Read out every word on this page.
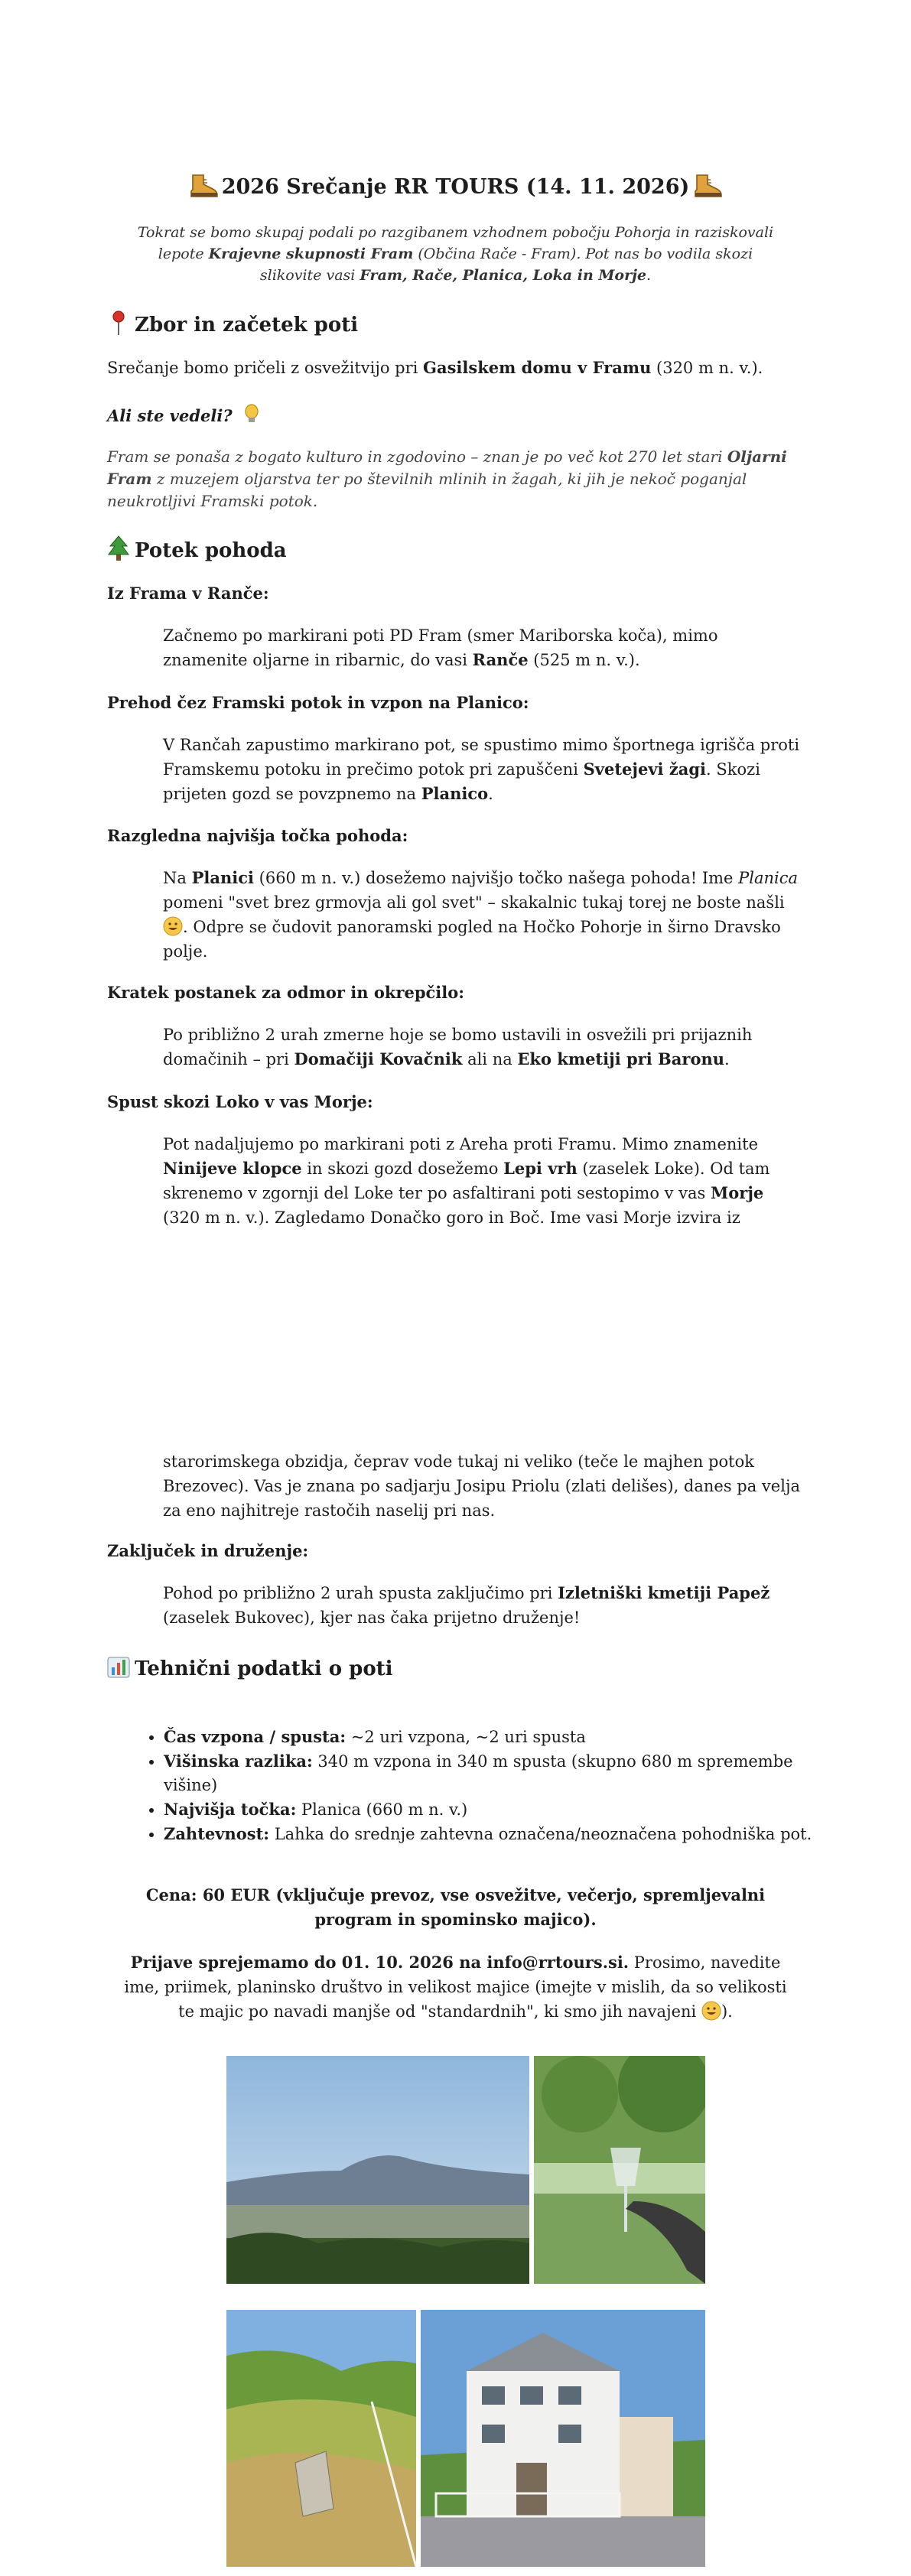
2026 Srečanje RR TOURS (14. 11. 2026)

Tokrat se bomo skupaj podali po razgibanem vzhodnem pobočju Pohorja in raziskovali lepote Krajevne skupnosti Fram (Občina Rače - Fram). Pot nas bo vodila skozi slikovite vasi Fram, Rače, Planica, Loka in Morje.

Zbor in začetek poti

Srečanje bomo pričeli z osvežitvijo pri Gasilskem domu v Framu (320 m n. v.).

Ali ste vedeli?

Fram se ponaša z bogato kulturo in zgodovino – znan je po več kot 270 let stari Oljarni Fram z muzejem oljarstva ter po številnih mlinih in žagah, ki jih je nekoč poganjal neukrotljivi Framski potok.

Potek pohoda
Iz Frama v Ranče:

Začnemo po markirani poti PD Fram (smer Mariborska koča), mimo znamenite oljarne in ribarnic, do vasi Ranče (525 m n. v.).

Prehod čez Framski potok in vzpon na Planico:

V Rančah zapustimo markirano pot, se spustimo mimo športnega igrišča proti Framskemu potoku in prečimo potok pri zapuščeni Svetejevi žagi. Skozi prijeten gozd se povzpnemo na Planico.

Razgledna najvišja točka pohoda:

Na Planici (660 m n. v.) dosežemo najvišjo točko našega pohoda! Ime Planica pomeni "svet brez grmovja ali gol svet" – skakalnic tukaj torej ne boste našli . Odpre se čudovit panoramski pogled na Hočko Pohorje in širno Dravsko polje.

Kratek postanek za odmor in okrepčilo:

Po približno 2 urah zmerne hoje se bomo ustavili in osvežili pri prijaznih domačinih – pri Domačiji Kovačnik ali na Eko kmetiji pri Baronu.

Spust skozi Loko v vas Morje:

Pot nadaljujemo po markirani poti z Areha proti Framu. Mimo znamenite Ninijeve klopce in skozi gozd dosežemo Lepi vrh (zaselek Loke). Od tam skrenemo v zgornji del Loke ter po asfaltirani poti sestopimo v vas Morje (320 m n. v.). Zagledamo Donačko goro in Boč. Ime vasi Morje izvira iz

starorimskega obzidja, čeprav vode tukaj ni veliko (teče le majhen potok Brezovec). Vas je znana po sadjarju Josipu Priolu (zlati delišes), danes pa velja za eno najhitreje rastočih naselij pri nas.

Zaključek in druženje:

Pohod po približno 2 urah spusta zaključimo pri Izletniški kmetiji Papež (zaselek Bukovec), kjer nas čaka prijetno druženje!

Tehnični podatki o poti
• Čas vzpona / spusta: ~2 uri vzpona, ~2 uri spusta
• Višinska razlika: 340 m vzpona in 340 m spusta (skupno 680 m spremembe višine)
• Najvišja točka: Planica (660 m n. v.)
• Zahtevnost: Lahka do srednje zahtevna označena/neoznačena pohodniška pot.

Cena: 60 EUR (vključuje prevoz, vse osvežitve, večerjo, spremljevalni program in spominsko majico).

Prijave sprejemamo do 01. 10. 2026 na info@rrtours.si. Prosimo, navedite ime, priimek, planinsko društvo in velikost majice (imejte v mislih, da so velikosti te majic po navadi manjše od "standardnih", ki smo jih navajeni ).
